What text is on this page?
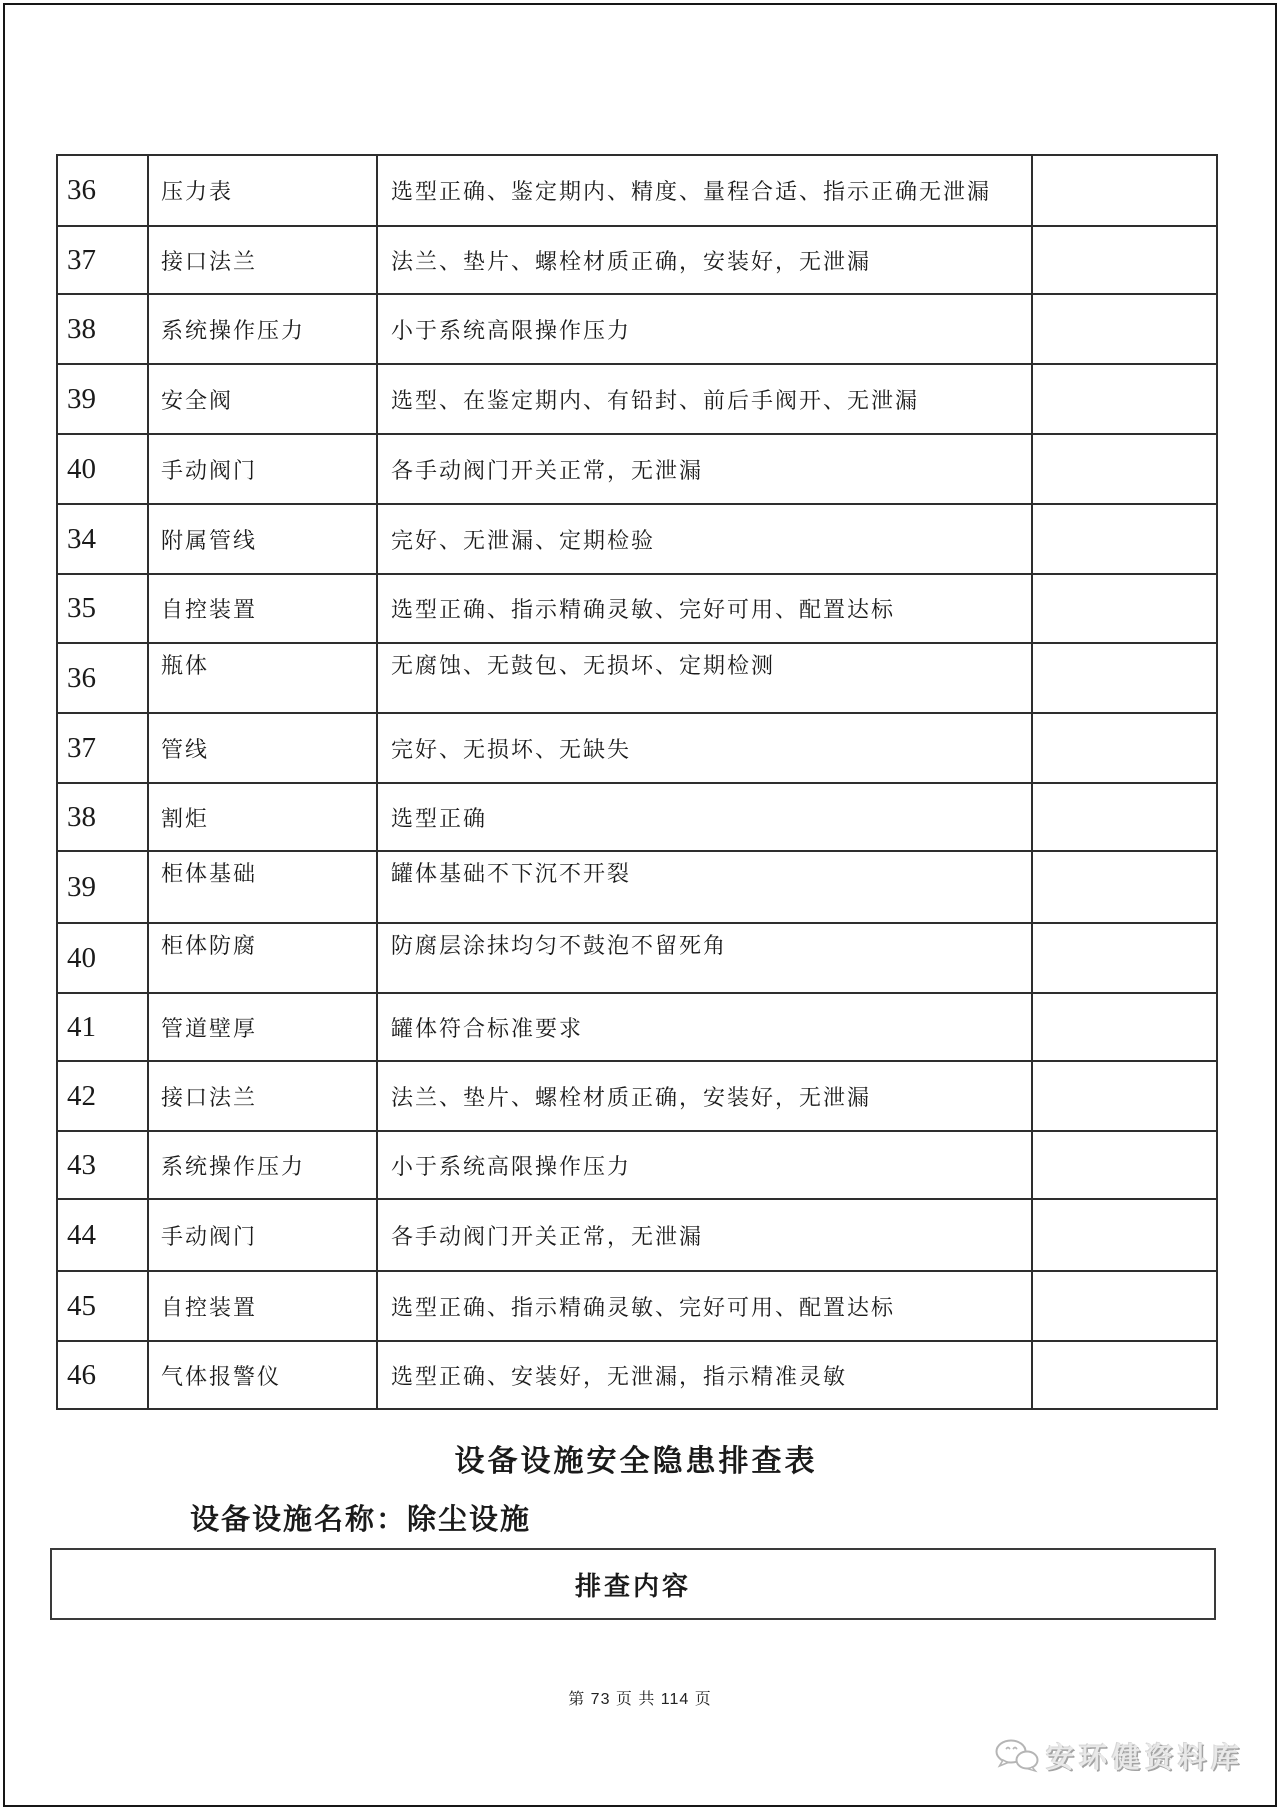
36	压力表	选型正确、鉴定期内、精度、量程合适、指示正确无泄漏	
37	接口法兰	法兰、垫片、螺栓材质正确，安装好，无泄漏	
38	系统操作压力	小于系统高限操作压力	
39	安全阀	选型、在鉴定期内、有铅封、前后手阀开、无泄漏	
40	手动阀门	各手动阀门开关正常，无泄漏	
34	附属管线	完好、无泄漏、定期检验	
35	自控装置	选型正确、指示精确灵敏、完好可用、配置达标	
36	瓶体	无腐蚀、无鼓包、无损坏、定期检测	
37	管线	完好、无损坏、无缺失	
38	割炬	选型正确	
39	柜体基础	罐体基础不下沉不开裂	
40	柜体防腐	防腐层涂抹均匀不鼓泡不留死角	
41	管道壁厚	罐体符合标准要求	
42	接口法兰	法兰、垫片、螺栓材质正确，安装好，无泄漏	
43	系统操作压力	小于系统高限操作压力	
44	手动阀门	各手动阀门开关正常，无泄漏	
45	自控装置	选型正确、指示精确灵敏、完好可用、配置达标	
46	气体报警仪	选型正确、安装好，无泄漏，指示精准灵敏	
设备设施安全隐患排查表
设备设施名称：除尘设施
排查内容
第 73 页 共 114 页
安环健资料库
